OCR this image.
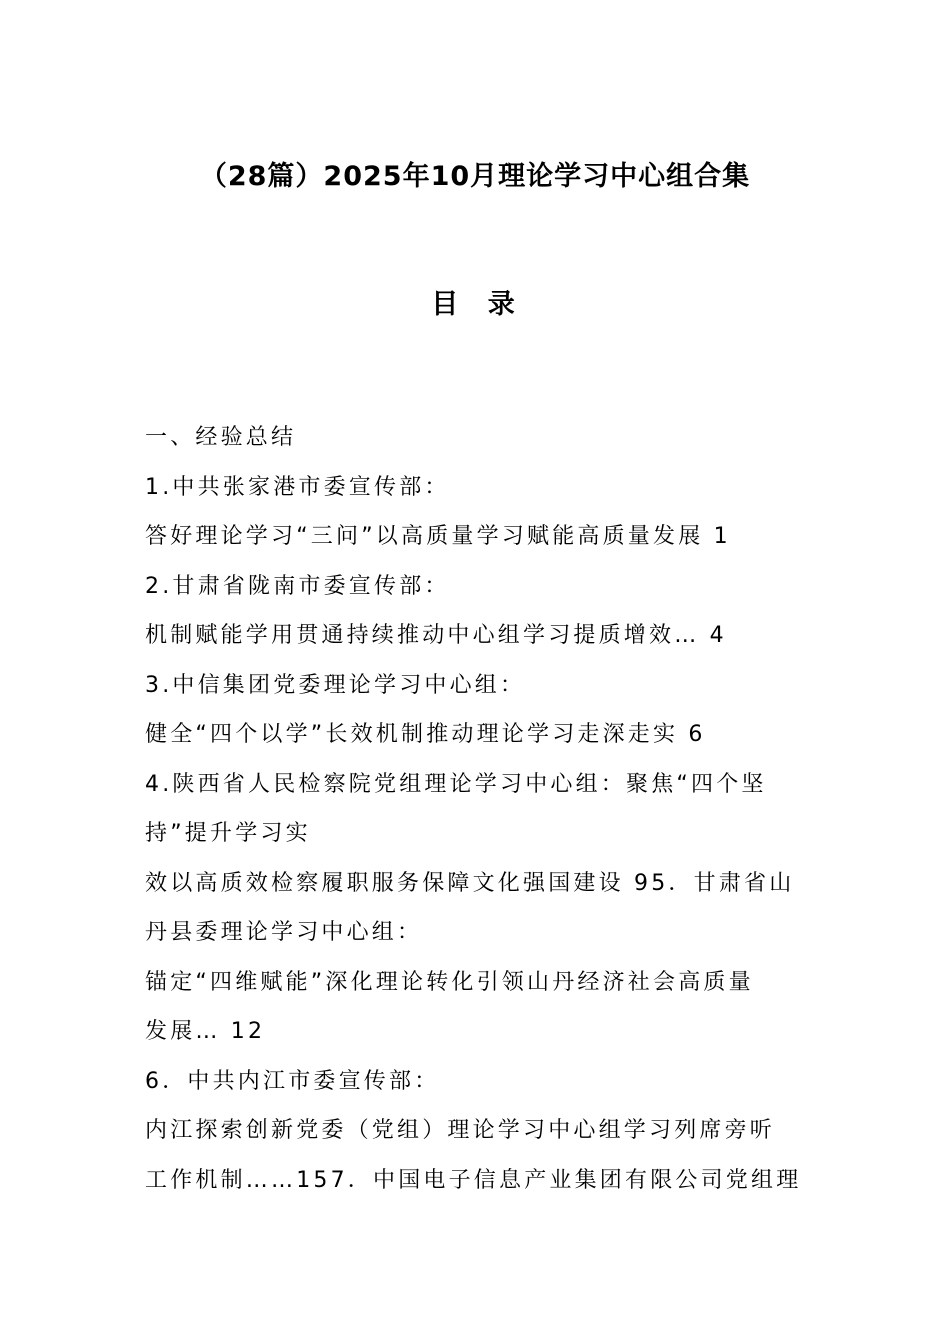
（28篇）2025年10月理论学习中心组合集
目 录
一、经验总结
1.中共张家港市委宣传部：
答好理论学习“三问”以高质量学习赋能高质量发展 1
2.甘肃省陇南市委宣传部：
机制赋能学用贯通持续推动中心组学习提质增效… 4
3.中信集团党委理论学习中心组：
健全“四个以学”长效机制推动理论学习走深走实 6
4.陕西省人民检察院党组理论学习中心组：聚焦“四个坚
持”提升学习实
效以高质效检察履职服务保障文化强国建设 95．甘肃省山
丹县委理论学习中心组：
锚定“四维赋能”深化理论转化引领山丹经济社会高质量
发展… 12
6．中共内江市委宣传部：
内江探索创新党委（党组）理论学习中心组学习列席旁听
工作机制……157．中国电子信息产业集团有限公司党组理
